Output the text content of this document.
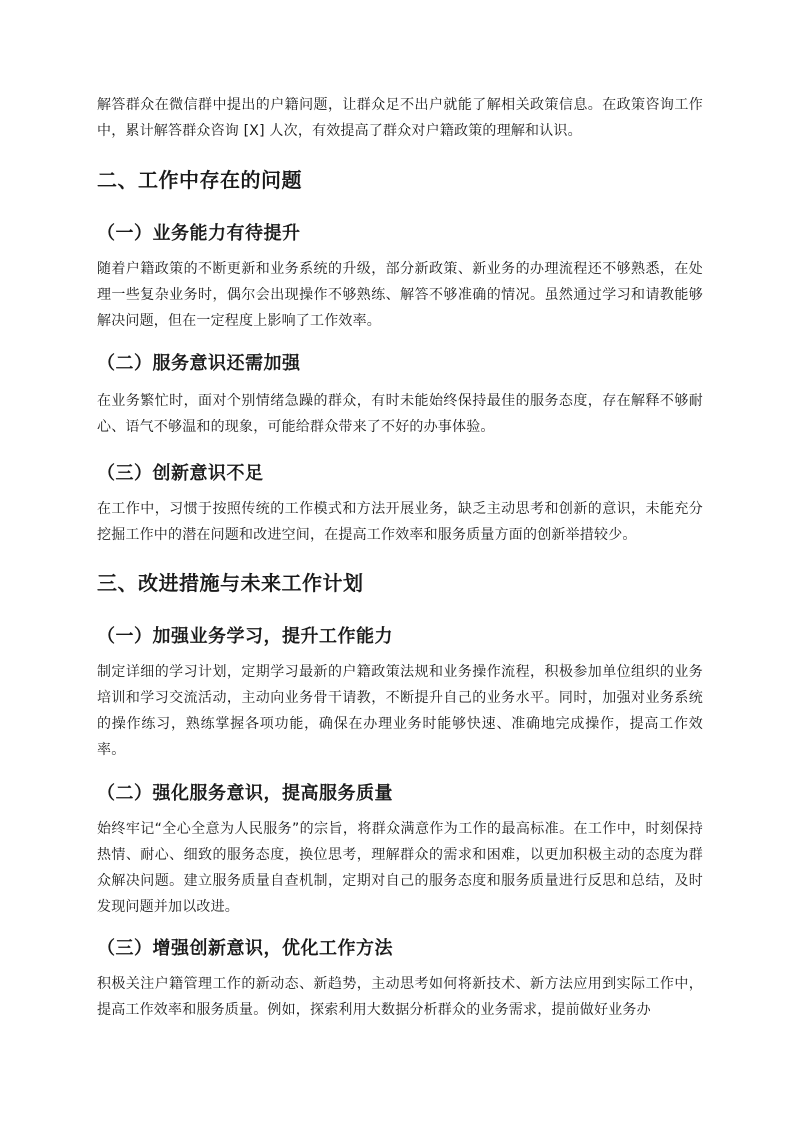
解答群众在微信群中提出的户籍问题，让群众足不出户就能了解相关政策信息。在政策咨询工作中，累计解答群众咨询 [X] 人次，有效提高了群众对户籍政策的理解和认识。

二、工作中存在的问题
（一）业务能力有待提升

随着户籍政策的不断更新和业务系统的升级，部分新政策、新业务的办理流程还不够熟悉，在处理一些复杂业务时，偶尔会出现操作不够熟练、解答不够准确的情况。虽然通过学习和请教能够解决问题，但在一定程度上影响了工作效率。

（二）服务意识还需加强

在业务繁忙时，面对个别情绪急躁的群众，有时未能始终保持最佳的服务态度，存在解释不够耐心、语气不够温和的现象，可能给群众带来了不好的办事体验。

（三）创新意识不足

在工作中，习惯于按照传统的工作模式和方法开展业务，缺乏主动思考和创新的意识，未能充分挖掘工作中的潜在问题和改进空间，在提高工作效率和服务质量方面的创新举措较少。

三、改进措施与未来工作计划
（一）加强业务学习，提升工作能力

制定详细的学习计划，定期学习最新的户籍政策法规和业务操作流程，积极参加单位组织的业务培训和学习交流活动，主动向业务骨干请教，不断提升自己的业务水平。同时，加强对业务系统的操作练习，熟练掌握各项功能，确保在办理业务时能够快速、准确地完成操作，提高工作效率。

（二）强化服务意识，提高服务质量

始终牢记“全心全意为人民服务”的宗旨，将群众满意作为工作的最高标准。在工作中，时刻保持热情、耐心、细致的服务态度，换位思考，理解群众的需求和困难，以更加积极主动的态度为群众解决问题。建立服务质量自查机制，定期对自己的服务态度和服务质量进行反思和总结，及时发现问题并加以改进。

（三）增强创新意识，优化工作方法

积极关注户籍管理工作的新动态、新趋势，主动思考如何将新技术、新方法应用到实际工作中，提高工作效率和服务质量。例如，探索利用大数据分析群众的业务需求，提前做好业务办
